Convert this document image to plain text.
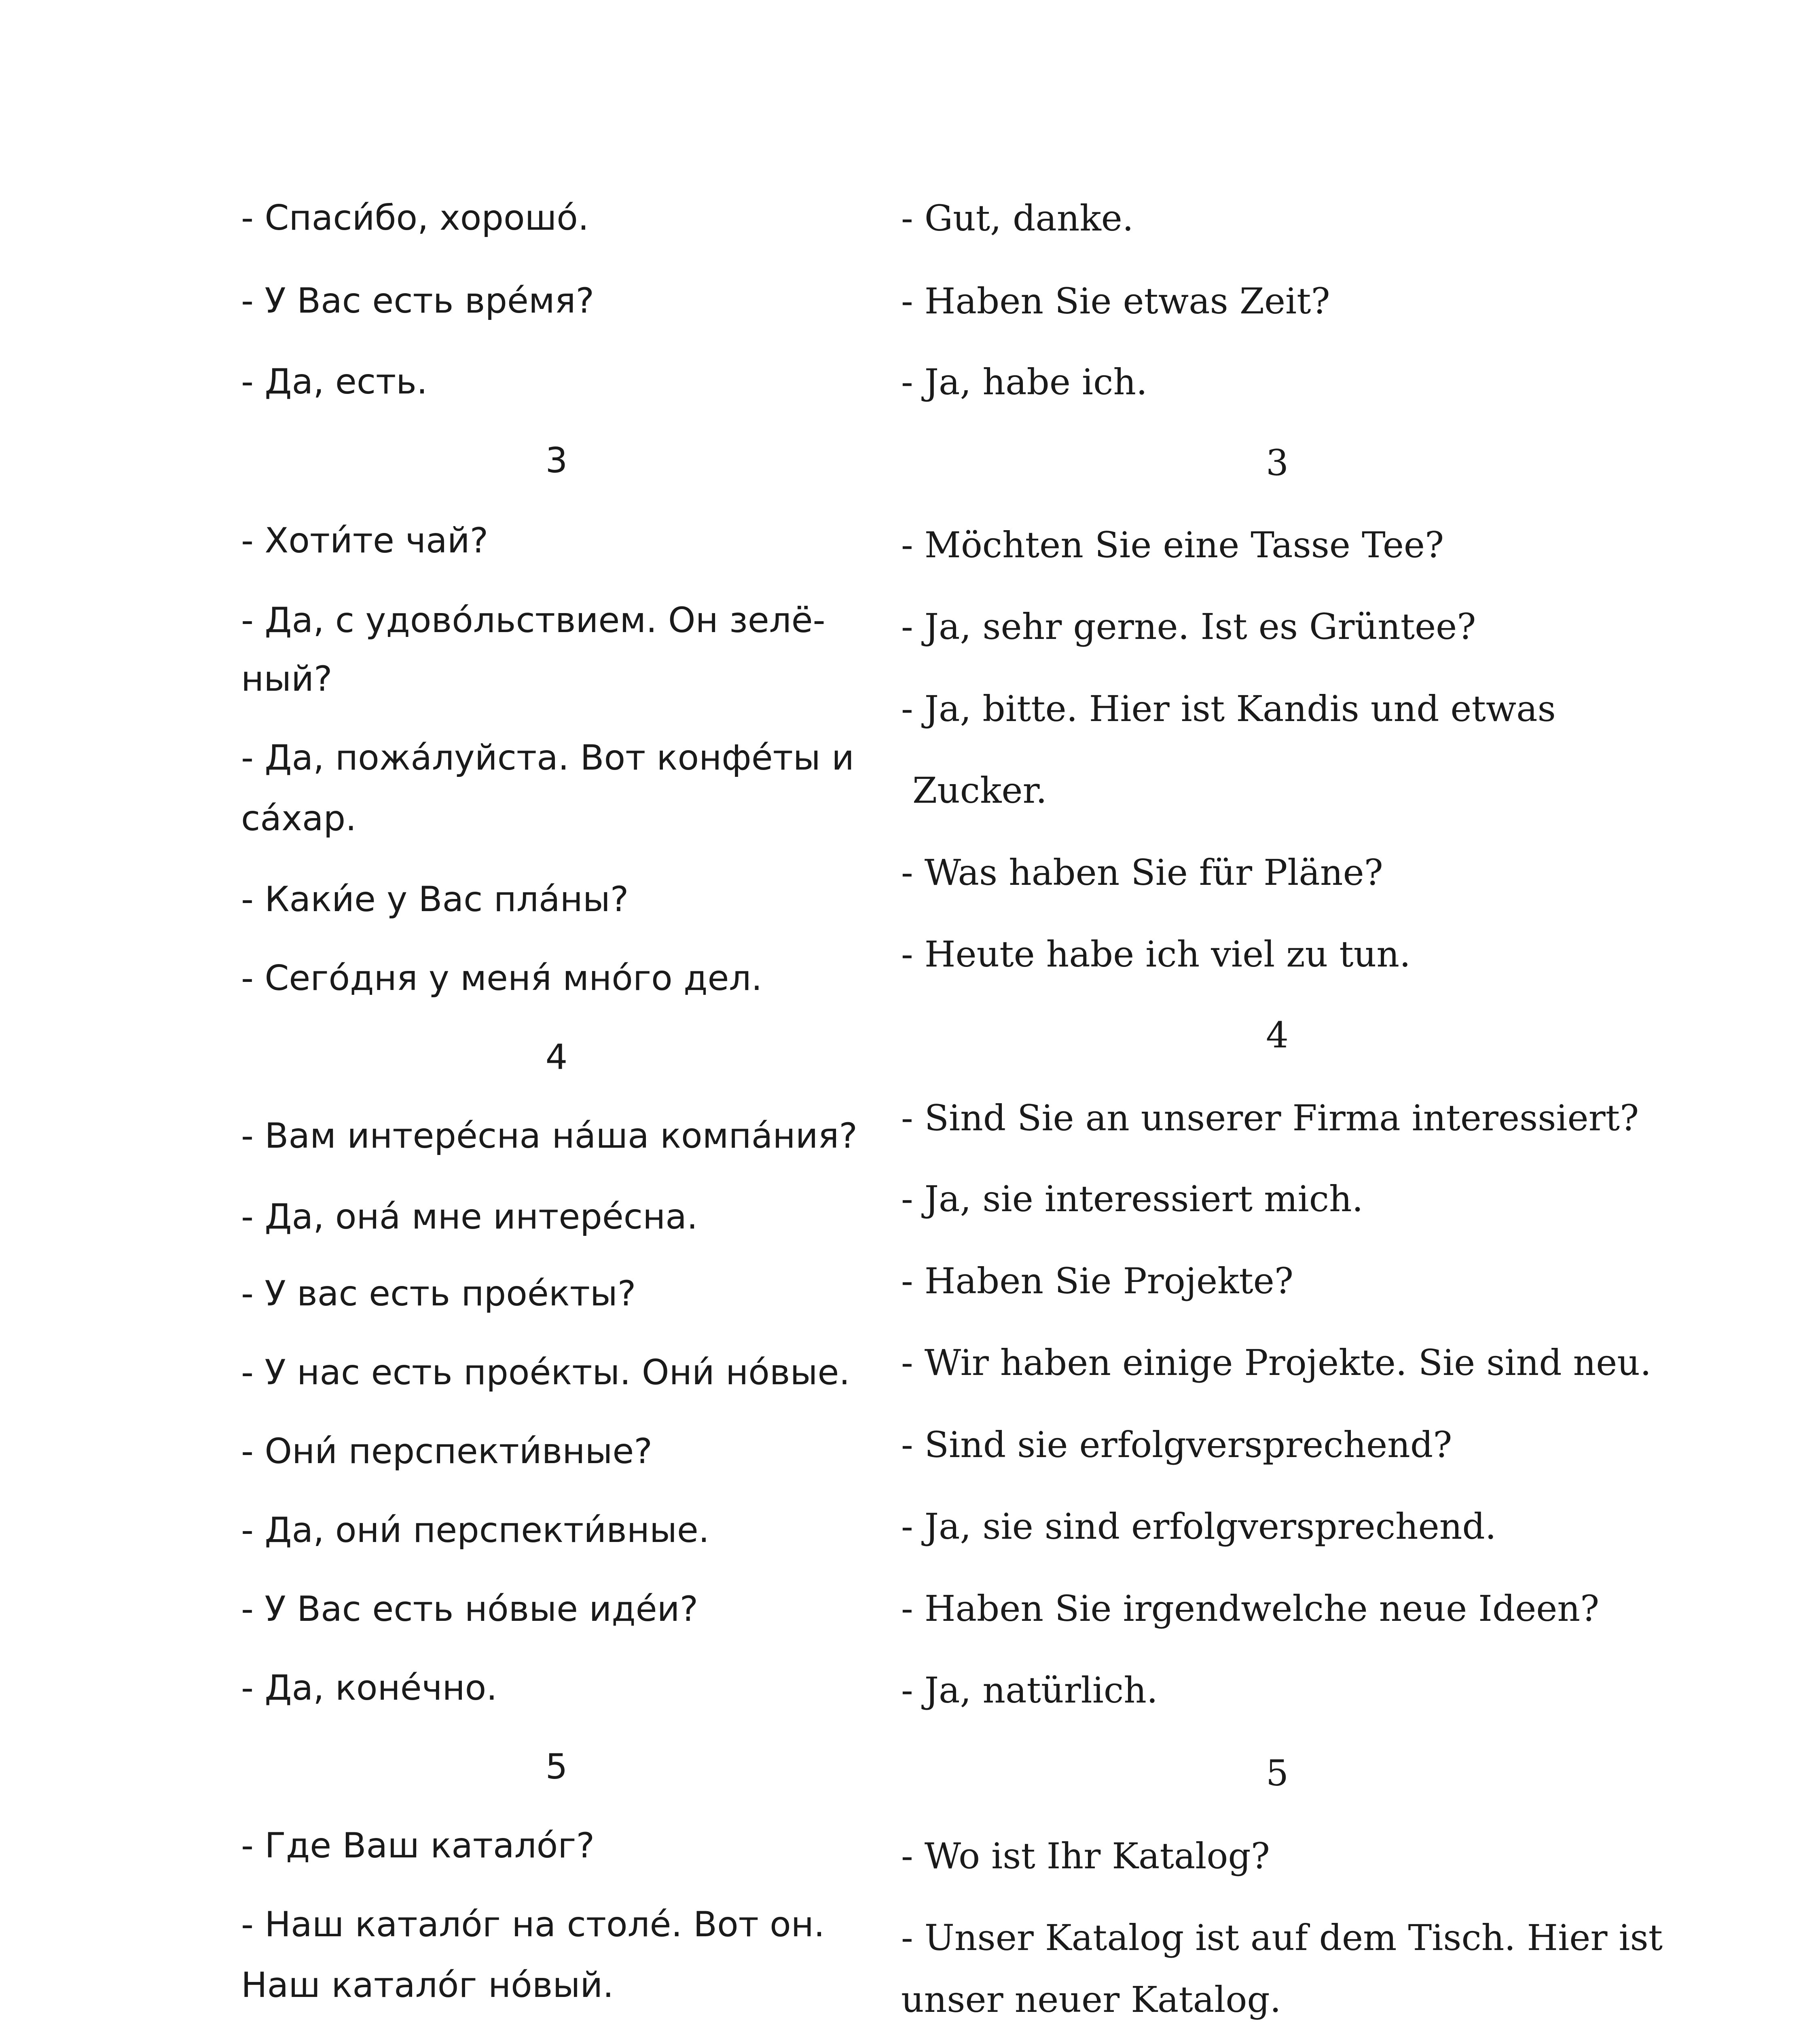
- Спаси́бо, хорошо́.
- У Вас есть вре́мя?
- Да, есть.
3
- Хоти́те чай?
- Да, с удово́льствием. Он зелё-
ный?
- Да, пожа́луйста. Вот конфе́ты и
са́хар.
- Каки́е у Вас пла́ны?
- Сего́дня у меня́ мно́го дел.
4
- Вам интере́сна на́ша компа́ния?
- Да, она́ мне интере́сна.
- У вас есть прое́кты?
- У нас есть прое́кты. Они́ но́вые.
- Они́ перспекти́вные?
- Да, они́ перспекти́вные.
- У Вас есть но́вые иде́и?
- Да, коне́чно.
5
- Где Ваш катало́г?
- Наш катало́г на столе́. Вот он.
Наш катало́г но́вый.
- Gut, danke.
- Haben Sie etwas Zeit?
- Ja, habe ich.
3
- Möchten Sie eine Tasse Tee?
- Ja, sehr gerne. Ist es Grüntee?
- Ja, bitte. Hier ist Kandis und etwas
Zucker.
- Was haben Sie für Pläne?
- Heute habe ich viel zu tun.
4
- Sind Sie an unserer Firma interessiert?
- Ja, sie interessiert mich.
- Haben Sie Projekte?
- Wir haben einige Projekte. Sie sind neu.
- Sind sie erfolgversprechend?
- Ja, sie sind erfolgversprechend.
- Haben Sie irgendwelche neue Ideen?
- Ja, natürlich.
5
- Wo ist Ihr Katalog?
- Unser Katalog ist auf dem Tisch. Hier ist
unser neuer Katalog.
